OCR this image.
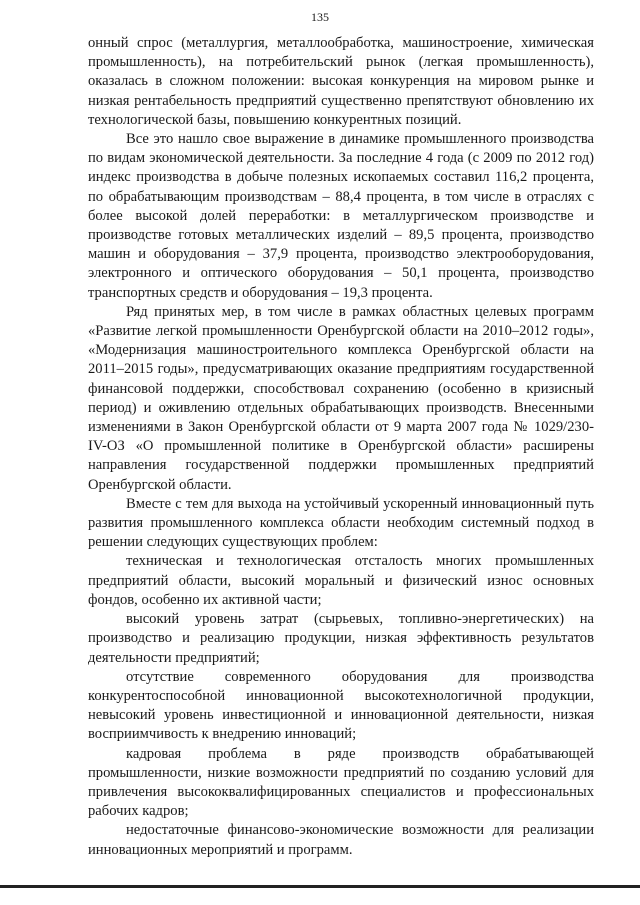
135

онный спрос (металлургия, металлообработка, машиностроение, химическая промышленность), на потребительский рынок (легкая промышленность), оказалась в сложном положении: высокая конкуренция на мировом рынке и низкая рентабельность предприятий существенно препятствуют обновлению их технологической базы, повышению конкурентных позиций.

Все это нашло свое выражение в динамике промышленного производства по видам экономической деятельности. За последние 4 года (с 2009 по 2012 год) индекс производства в добыче полезных ископаемых составил 116,2 процента, по обрабатывающим производствам – 88,4 процента, в том числе в отраслях с более высокой долей переработки: в металлургическом производстве и производстве готовых металлических изделий – 89,5 процента, производство машин и оборудования – 37,9 процента, производство электрооборудования, электронного и оптического оборудования – 50,1 процента, производство транспортных средств и оборудования – 19,3 процента.

Ряд принятых мер, в том числе в рамках областных целевых программ «Развитие легкой промышленности Оренбургской области на 2010–2012 годы», «Модернизация машиностроительного комплекса Оренбургской области на 2011–2015 годы», предусматривающих оказание предприятиям государственной финансовой поддержки, способствовал сохранению (особенно в кризисный период) и оживлению отдельных обрабатывающих производств. Внесенными изменениями в Закон Оренбургской области от 9 марта 2007 года № 1029/230-IV-ОЗ «О промышленной политике в Оренбургской области» расширены направления государственной поддержки промышленных предприятий Оренбургской области.

Вместе с тем для выхода на устойчивый ускоренный инновационный путь развития промышленного комплекса области необходим системный подход в решении следующих существующих проблем:

техническая и технологическая отсталость многих промышленных предприятий области, высокий моральный и физический износ основных фондов, особенно их активной части;

высокий уровень затрат (сырьевых, топливно-энергетических) на производство и реализацию продукции, низкая эффективность результатов деятельности предприятий;

отсутствие современного оборудования для производства конкурентоспособной инновационной высокотехнологичной продукции, невысокий уровень инвестиционной и инновационной деятельности, низкая восприимчивость к внедрению инноваций;

кадровая проблема в ряде производств обрабатывающей промышленности, низкие возможности предприятий по созданию условий для привлечения высококвалифицированных специалистов и профессиональных рабочих кадров;

недостаточные финансово-экономические возможности для реализации инновационных мероприятий и программ.
